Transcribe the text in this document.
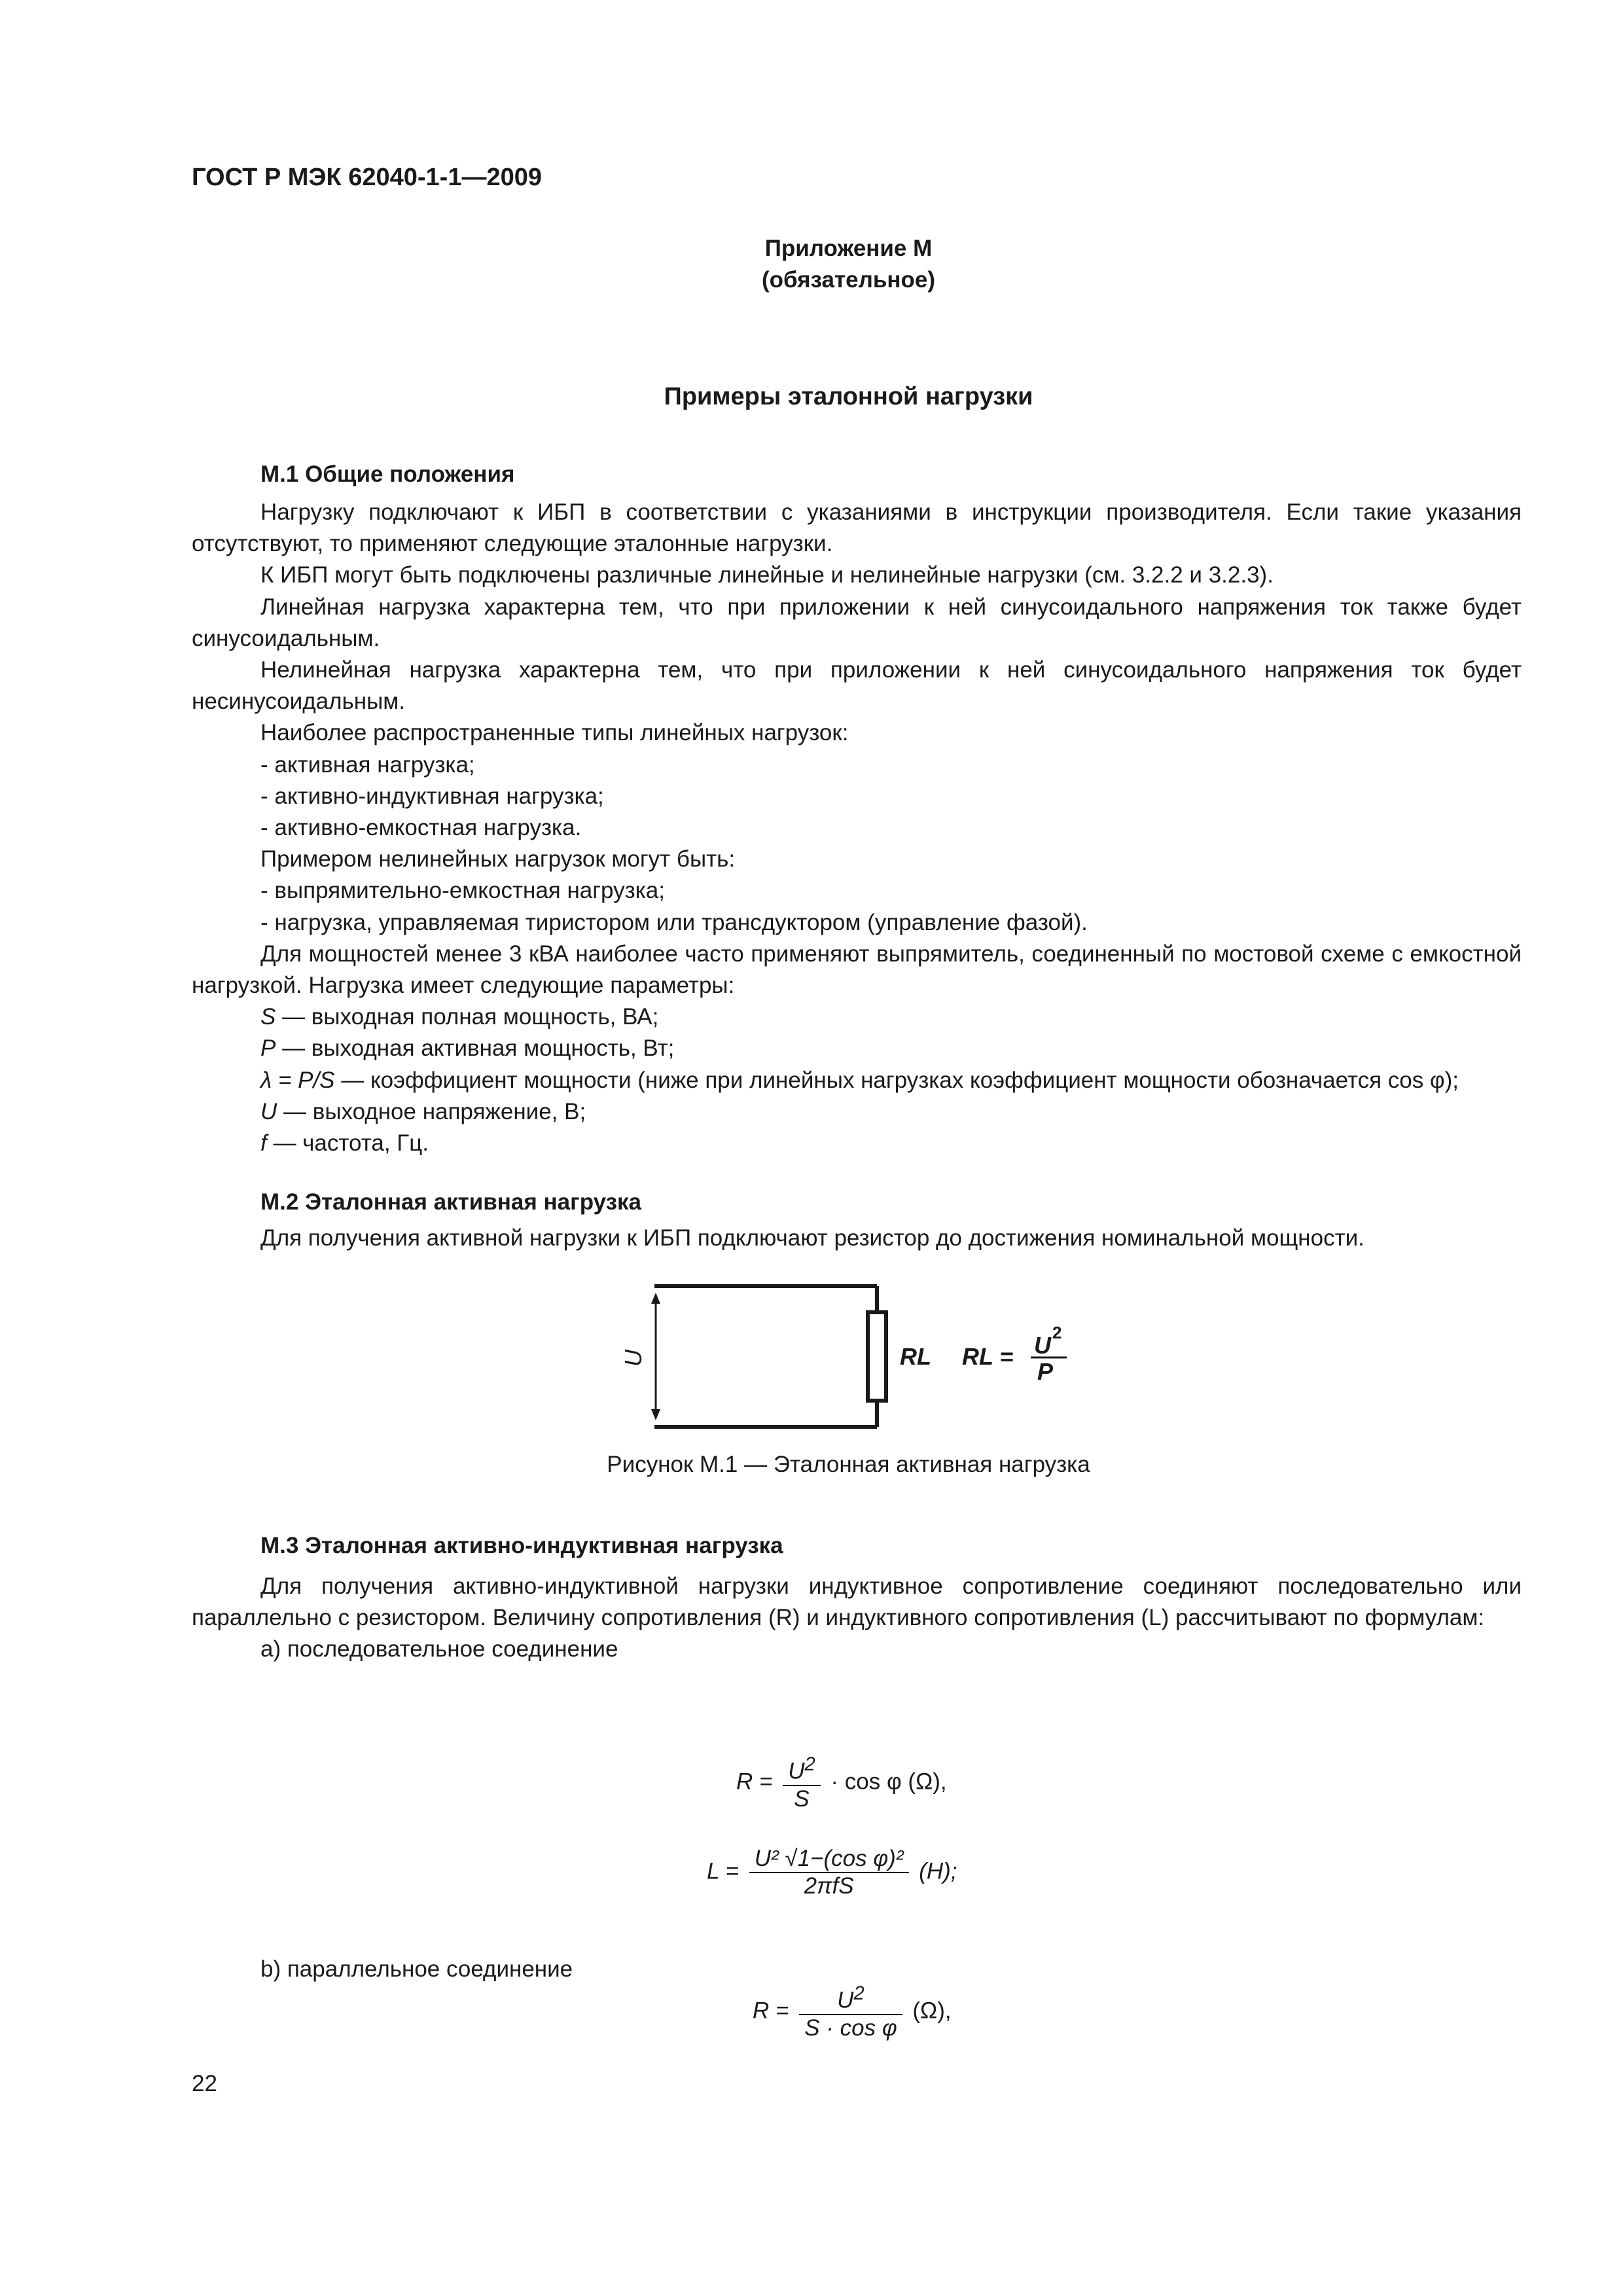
ГОСТ Р МЭК 62040-1-1—2009
Приложение М
(обязательное)
Примеры эталонной нагрузки
М.1 Общие положения

Нагрузку подключают к ИБП в соответствии с указаниями в инструкции производителя. Если такие указания отсутствуют, то применяют следующие эталонные нагрузки.

К ИБП могут быть подключены различные линейные и нелинейные нагрузки (см. 3.2.2 и 3.2.3).

Линейная нагрузка характерна тем, что при приложении к ней синусоидального напряжения ток также будет синусоидальным.

Нелинейная нагрузка характерна тем, что при приложении к ней синусоидального напряжения ток будет несинусоидальным.

Наиболее распространенные типы линейных нагрузок:

- активная нагрузка;

- активно-индуктивная нагрузка;

- активно-емкостная нагрузка.

Примером нелинейных нагрузок могут быть:

- выпрямительно-емкостная нагрузка;

- нагрузка, управляемая тиристором или трансдуктором (управление фазой).

Для мощностей менее 3 кВА наиболее часто применяют выпрямитель, соединенный по мостовой схеме с емкостной нагрузкой. Нагрузка имеет следующие параметры:

S — выходная полная мощность, ВА;

P — выходная активная мощность, Вт;

λ = P/S — коэффициент мощности (ниже при линейных нагрузках коэффициент мощности обозначается cos φ);

U — выходное напряжение, В;

f — частота, Гц.

М.2 Эталонная активная нагрузка

Для получения активной нагрузки к ИБП подключают резистор до достижения номинальной мощности.

U	RL RL = U 2
P
Рисунок М.1 — Эталонная активная нагрузка
М.3 Эталонная активно-индуктивная нагрузка

Для получения активно-индуктивной нагрузки индуктивное сопротивление соединяют последовательно или параллельно с резистором. Величину сопротивления (R) и индуктивного сопротивления (L) рассчитывают по формулам:

a) последовательное соединение

$R = \frac{U^2}{S} \cdot \cos \varphi$ (Ω),
$L = \frac{\text{U² √1−(cos φ)²}}{\text{2πfS}} (H)$;

b) параллельное соединение

$R = \frac{U^2}{\text{S · cos φ}} (\Omega)$,
22
